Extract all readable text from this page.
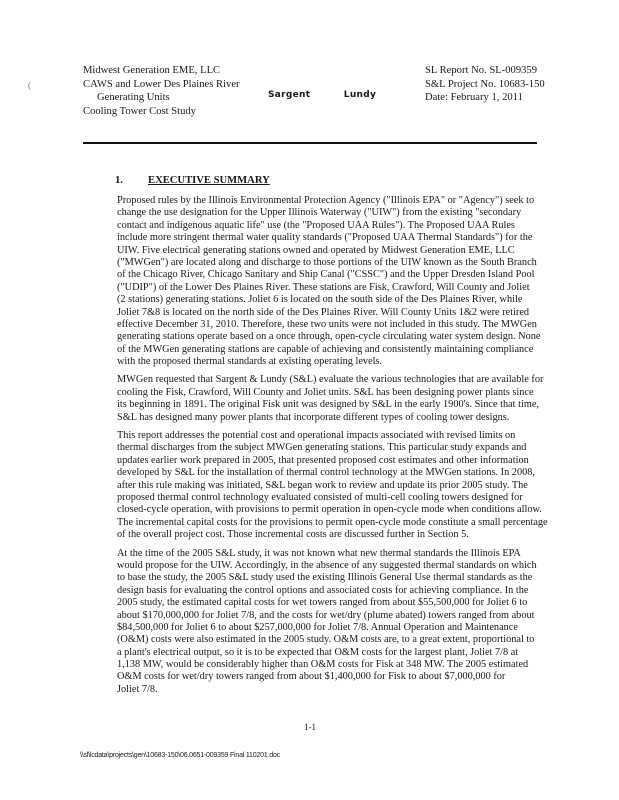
Midwest Generation EME, LLC
CAWS and Lower Des Plaines River
Generating Units
Cooling Tower Cost Study
Sargent	Lundy
SL Report No. SL-009359
S&L Project No. 10683-150
Date: February 1, 2011
(
1. EXECUTIVE SUMMARY
Proposed rules by the Illinois Environmental Protection Agency ("Illinois EPA" or "Agency") seek to
change the use designation for the Upper Illinois Waterway ("UIW") from the existing "secondary
contact and indigenous aquatic life" use (the "Proposed UAA Rules"). The Proposed UAA Rules
include more stringent thermal water quality standards ("Proposed UAA Thermal Standards") for the
UIW. Five electrical generating stations owned and operated by Midwest Generation EME, LLC
("MWGen") are located along and discharge to those portions of the UIW known as the South Branch
of the Chicago River, Chicago Sanitary and Ship Canal ("CSSC") and the Upper Dresden Island Pool
("UDIP") of the Lower Des Plaines River. These stations are Fisk, Crawford, Will County and Joliet
(2 stations) generating stations. Joliet 6 is located on the south side of the Des Plaines River, while
Joliet 7&8 is located on the north side of the Des Plaines River. Will County Units 1&2 were retired
effective December 31, 2010. Therefore, these two units were not included in this study. The MWGen
generating stations operate based on a once through, open-cycle circulating water system design. None
of the MWGen generating stations are capable of achieving and consistently maintaining compliance
with the proposed thermal standards at existing operating levels.
MWGen requested that Sargent & Lundy (S&L) evaluate the various technologies that are available for
cooling the Fisk, Crawford, Will County and Joliet units. S&L has been designing power plants since
its beginning in 1891. The original Fisk unit was designed by S&L in the early 1900's. Since that time,
S&L has designed many power plants that incorporate different types of cooling tower designs.
This report addresses the potential cost and operational impacts associated with revised limits on
thermal discharges from the subject MWGen generating stations. This particular study expands and
updates earlier work prepared in 2005, that presented proposed cost estimates and other information
developed by S&L for the installation of thermal control technology at the MWGen stations. In 2008,
after this rule making was initiated, S&L began work to review and update its prior 2005 study. The
proposed thermal control technology evaluated consisted of multi-cell cooling towers designed for
closed-cycle operation, with provisions to permit operation in open-cycle mode when conditions allow.
The incremental capital costs for the provisions to permit open-cycle mode constitute a small percentage
of the overall project cost. Those incremental costs are discussed further in Section 5.
At the time of the 2005 S&L study, it was not known what new thermal standards the Illinois EPA
would propose for the UIW. Accordingly, in the absence of any suggested thermal standards on which
to base the study, the 2005 S&L study used the existing Illinois General Use thermal standards as the
design basis for evaluating the control options and associated costs for achieving compliance. In the
2005 study, the estimated capital costs for wet towers ranged from about $55,500,000 for Joliet 6 to
about $170,000,000 for Joliet 7/8, and the costs for wet/dry (plume abated) towers ranged from about
$84,500,000 for Joliet 6 to about $257,000,000 for Joliet 7/8. Annual Operation and Maintenance
(O&M) costs were also estimated in the 2005 study. O&M costs are, to a great extent, proportional to
a plant's electrical output, so it is to be expected that O&M costs for the largest plant, Joliet 7/8 at
1,138 MW, would be considerably higher than O&M costs for Fisk at 348 MW. The 2005 estimated
O&M costs for wet/dry towers ranged from about $1,400,000 for Fisk to about $7,000,000 for
Joliet 7/8.
1-1
\\sl\lcdata\projects\gen\10683-150\06.0651-009359 Final 110201.doc
